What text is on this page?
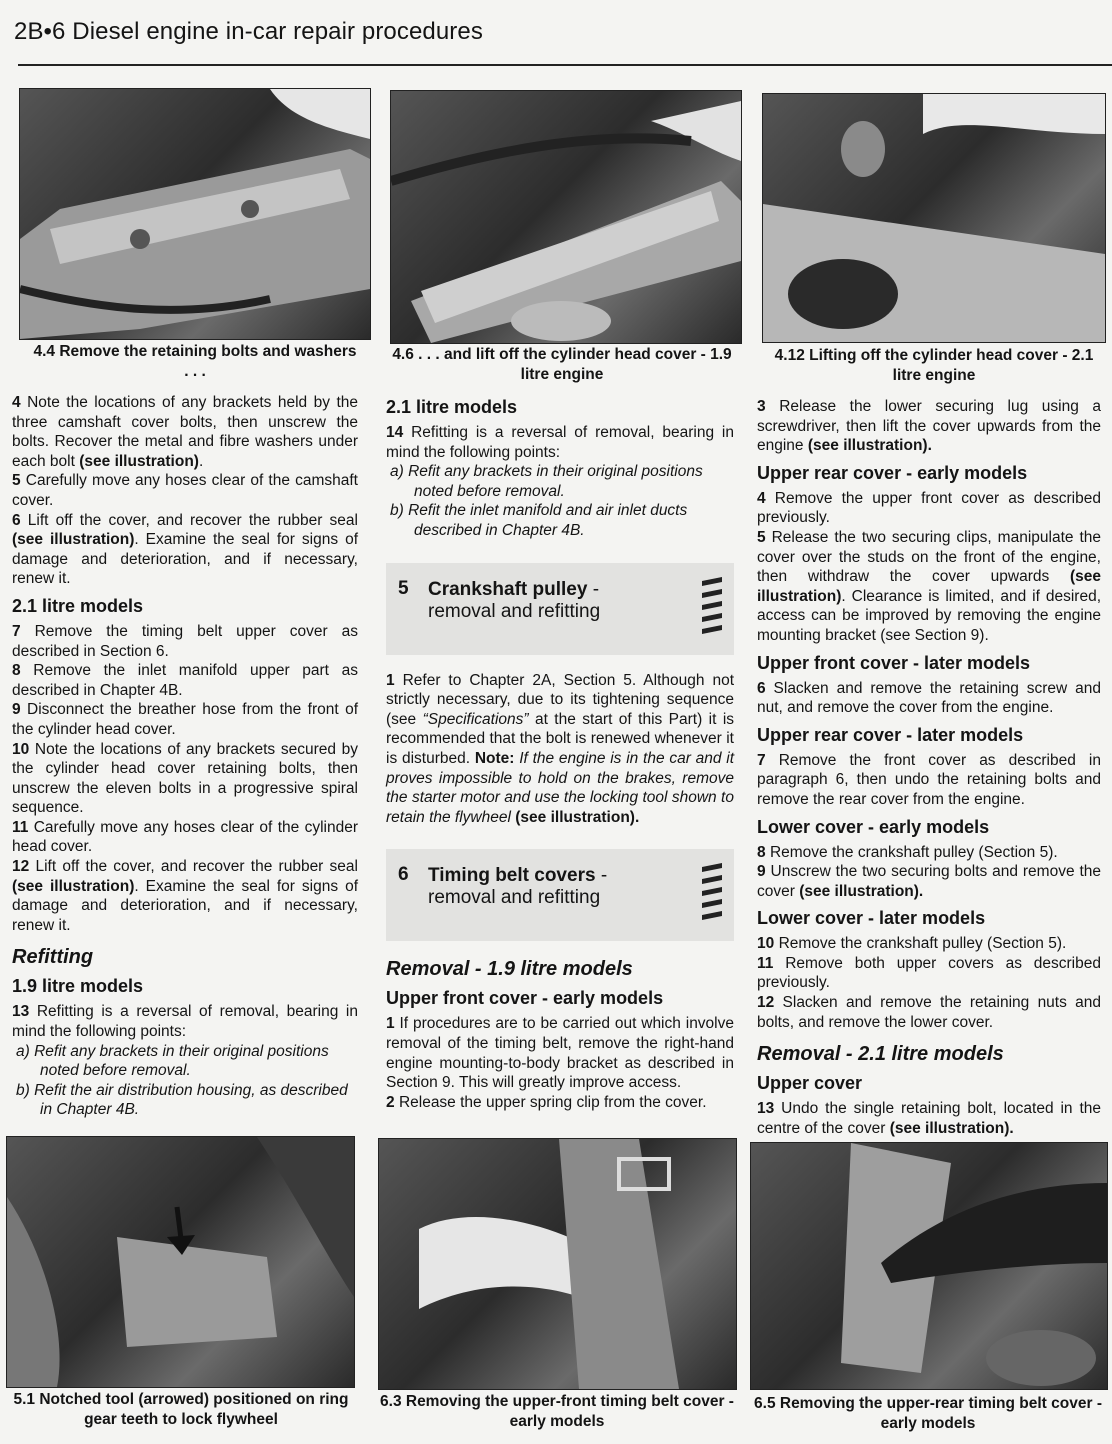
2B•6 Diesel engine in-car repair procedures
4.4 Remove the retaining bolts and washers . . .
4.6 . . . and lift off the cylinder head cover - 1.9 litre engine
4.12 Lifting off the cylinder head cover - 2.1 litre engine

4 Note the locations of any brackets held by the three camshaft cover bolts, then unscrew the bolts. Recover the metal and fibre washers under each bolt (see illustration).

5 Carefully move any hoses clear of the camshaft cover.

6 Lift off the cover, and recover the rubber seal (see illustration). Examine the seal for signs of damage and deterioration, and if necessary, renew it.

2.1 litre models

7 Remove the timing belt upper cover as described in Section 6.

8 Remove the inlet manifold upper part as described in Chapter 4B.

9 Disconnect the breather hose from the front of the cylinder head cover.

10 Note the locations of any brackets secured by the cylinder head cover retaining bolts, then unscrew the eleven bolts in a progressive spiral sequence.

11 Carefully move any hoses clear of the cylinder head cover.

12 Lift off the cover, and recover the rubber seal (see illustration). Examine the seal for signs of damage and deterioration, and if necessary, renew it.

Refitting
1.9 litre models

13 Refitting is a reversal of removal, bearing in mind the following points:

a) Refit any brackets in their original positions noted before removal.

b) Refit the air distribution housing, as described in Chapter 4B.

2.1 litre models

14 Refitting is a reversal of removal, bearing in mind the following points:

a) Refit any brackets in their original positions noted before removal.

b) Refit the inlet manifold and air inlet ducts described in Chapter 4B.

5 Crankshaft pulley -
removal and refitting

1 Refer to Chapter 2A, Section 5. Although not strictly necessary, due to its tightening sequence (see “Specifications” at the start of this Part) it is recommended that the bolt is renewed whenever it is disturbed. Note: If the engine is in the car and it proves impossible to hold on the brakes, remove the starter motor and use the locking tool shown to retain the flywheel (see illustration).

6 Timing belt covers -
removal and refitting
Removal - 1.9 litre models
Upper front cover - early models

1 If procedures are to be carried out which involve removal of the timing belt, remove the right-hand engine mounting-to-body bracket as described in Section 9. This will greatly improve access.

2 Release the upper spring clip from the cover.

3 Release the lower securing lug using a screwdriver, then lift the cover upwards from the engine (see illustration).

Upper rear cover - early models

4 Remove the upper front cover as described previously.

5 Release the two securing clips, manipulate the cover over the studs on the front of the engine, then withdraw the cover upwards (see illustration). Clearance is limited, and if desired, access can be improved by removing the engine mounting bracket (see Section 9).

Upper front cover - later models

6 Slacken and remove the retaining screw and nut, and remove the cover from the engine.

Upper rear cover - later models

7 Remove the front cover as described in paragraph 6, then undo the retaining bolts and remove the rear cover from the engine.

Lower cover - early models

8 Remove the crankshaft pulley (Section 5).

9 Unscrew the two securing bolts and remove the cover (see illustration).

Lower cover - later models

10 Remove the crankshaft pulley (Section 5).

11 Remove both upper covers as described previously.

12 Slacken and remove the retaining nuts and bolts, and remove the lower cover.

Removal - 2.1 litre models
Upper cover

13 Undo the single retaining bolt, located in the centre of the cover (see illustration).

5.1 Notched tool (arrowed) positioned on ring gear teeth to lock flywheel
6.3 Removing the upper-front timing belt cover - early models
6.5 Removing the upper-rear timing belt cover - early models
